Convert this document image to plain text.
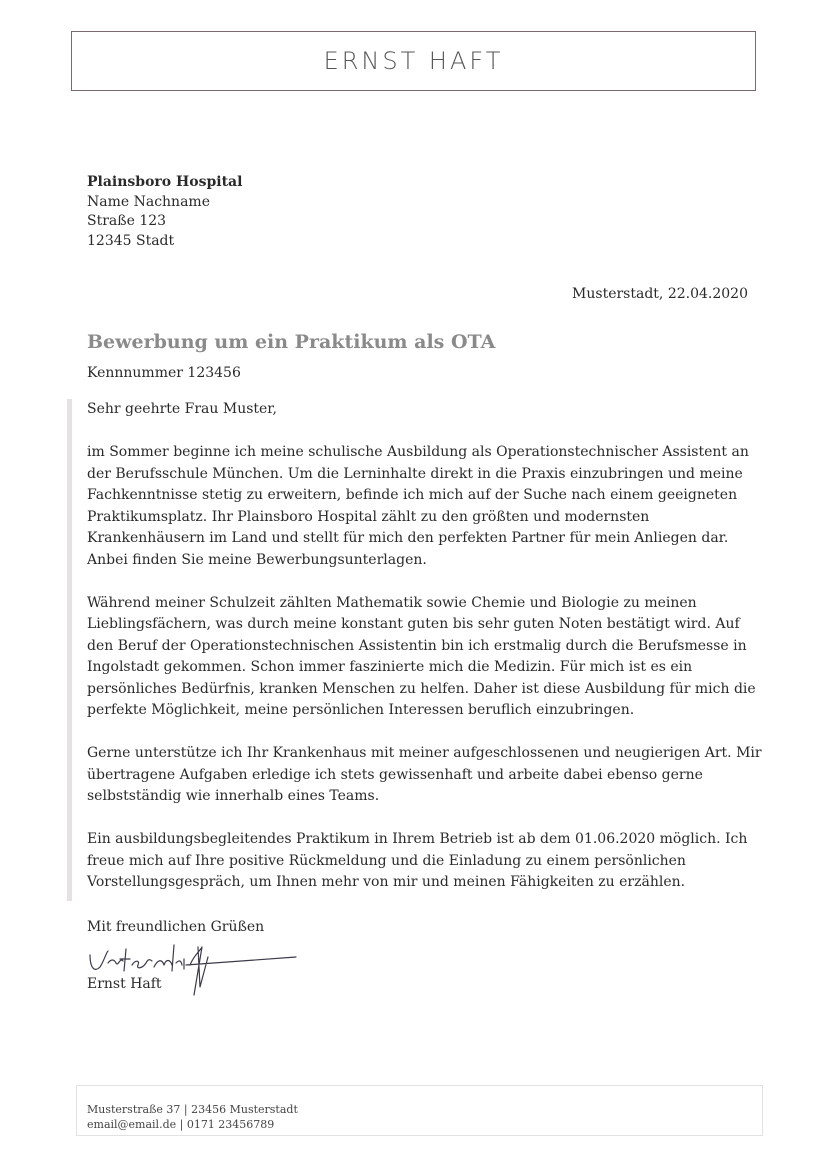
ERNST HAFT
Plainsboro Hospital
Name Nachname
Straße 123
12345 Stadt
Musterstadt, 22.04.2020
Bewerbung um ein Praktikum als OTA
Kennnummer 123456

Sehr geehrte Frau Muster,

im Sommer beginne ich meine schulische Ausbildung als Operationstechnischer Assistent an der Berufsschule München. Um die Lerninhalte direkt in die Praxis einzubringen und meine Fachkenntnisse stetig zu erweitern, befinde ich mich auf der Suche nach einem geeigneten Praktikumsplatz. Ihr Plainsboro Hospital zählt zu den größten und modernsten Krankenhäusern im Land und stellt für mich den perfekten Partner für mein Anliegen dar. Anbei finden Sie meine Bewerbungsunterlagen.

Während meiner Schulzeit zählten Mathematik sowie Chemie und Biologie zu meinen Lieblingsfächern, was durch meine konstant guten bis sehr guten Noten bestätigt wird. Auf den Beruf der Operationstechnischen Assistentin bin ich erstmalig durch die Berufsmesse in Ingolstadt gekommen. Schon immer faszinierte mich die Medizin. Für mich ist es ein persönliches Bedürfnis, kranken Menschen zu helfen. Daher ist diese Ausbildung für mich die perfekte Möglichkeit, meine persönlichen Interessen beruflich einzubringen.

Gerne unterstütze ich Ihr Krankenhaus mit meiner aufgeschlossenen und neugierigen Art. Mir übertragene Aufgaben erledige ich stets gewissenhaft und arbeite dabei ebenso gerne selbstständig wie innerhalb eines Teams.

Ein ausbildungsbegleitendes Praktikum in Ihrem Betrieb ist ab dem 01.06.2020 möglich. Ich freue mich auf Ihre positive Rückmeldung und die Einladung zu einem persönlichen Vorstellungsgespräch, um Ihnen mehr von mir und meinen Fähigkeiten zu erzählen.

Mit freundlichen Grüßen
Ernst Haft
Musterstraße 37 | 23456 Musterstadt
email@email.de | 0171 23456789
